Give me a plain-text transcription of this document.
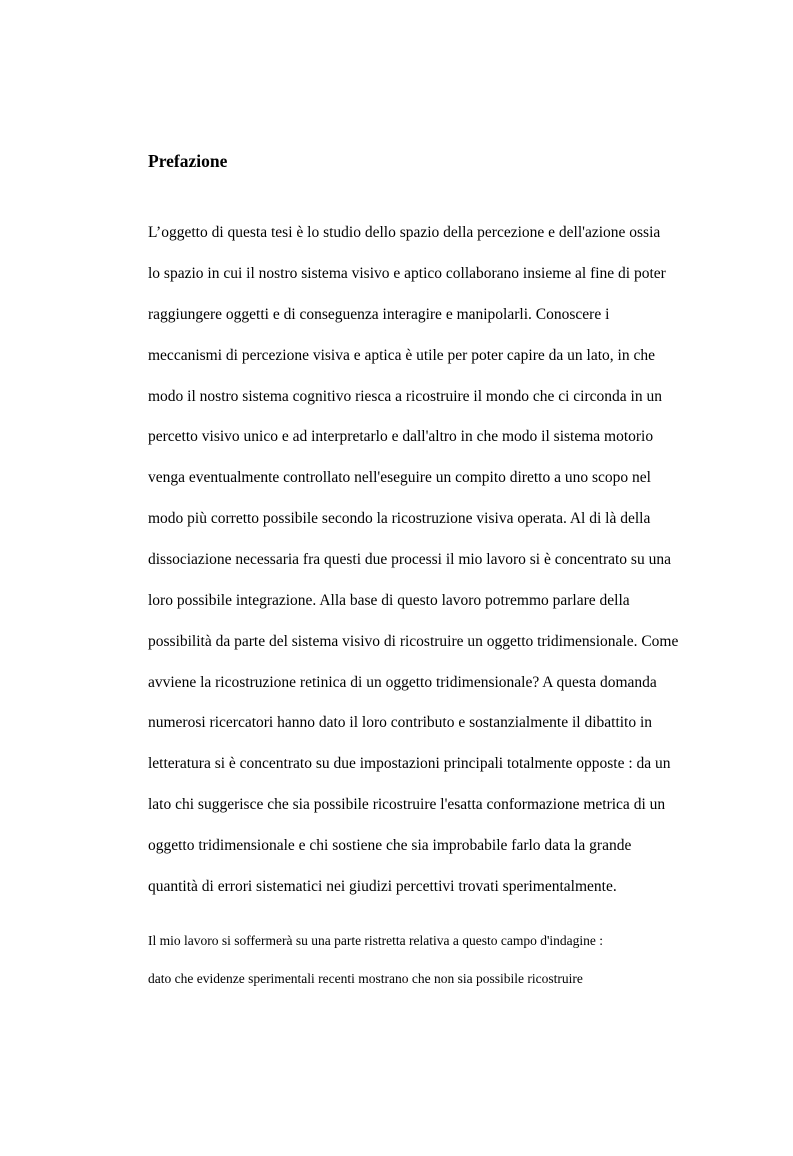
Prefazione
L’oggetto di questa tesi è lo studio dello spazio della percezione e dell'azione ossia
lo spazio in cui il nostro sistema visivo e aptico collaborano insieme al fine di poter
raggiungere oggetti e di conseguenza interagire e manipolarli. Conoscere i
meccanismi di percezione visiva e aptica è utile per poter capire da un lato, in che
modo il nostro sistema cognitivo riesca a ricostruire il mondo che ci circonda in un
percetto visivo unico e ad interpretarlo e dall'altro in che modo il sistema motorio
venga eventualmente controllato nell'eseguire un compito diretto a uno scopo nel
modo più corretto possibile secondo la ricostruzione visiva operata. Al di là della
dissociazione necessaria fra questi due processi il mio lavoro si è concentrato su una
loro possibile integrazione. Alla base di questo lavoro potremmo parlare della
possibilità da parte del sistema visivo di ricostruire un oggetto tridimensionale. Come
avviene la ricostruzione retinica di un oggetto tridimensionale? A questa domanda
numerosi ricercatori hanno dato il loro contributo e sostanzialmente il dibattito in
letteratura si è concentrato su due impostazioni principali totalmente opposte : da un
lato chi suggerisce che sia possibile ricostruire l'esatta conformazione metrica di un
oggetto tridimensionale e chi sostiene che sia improbabile farlo data la grande
quantità di errori sistematici nei giudizi percettivi trovati sperimentalmente.
Il mio lavoro si soffermerà su una parte ristretta relativa a questo campo d'indagine :
dato che evidenze sperimentali recenti mostrano che non sia possibile ricostruire
